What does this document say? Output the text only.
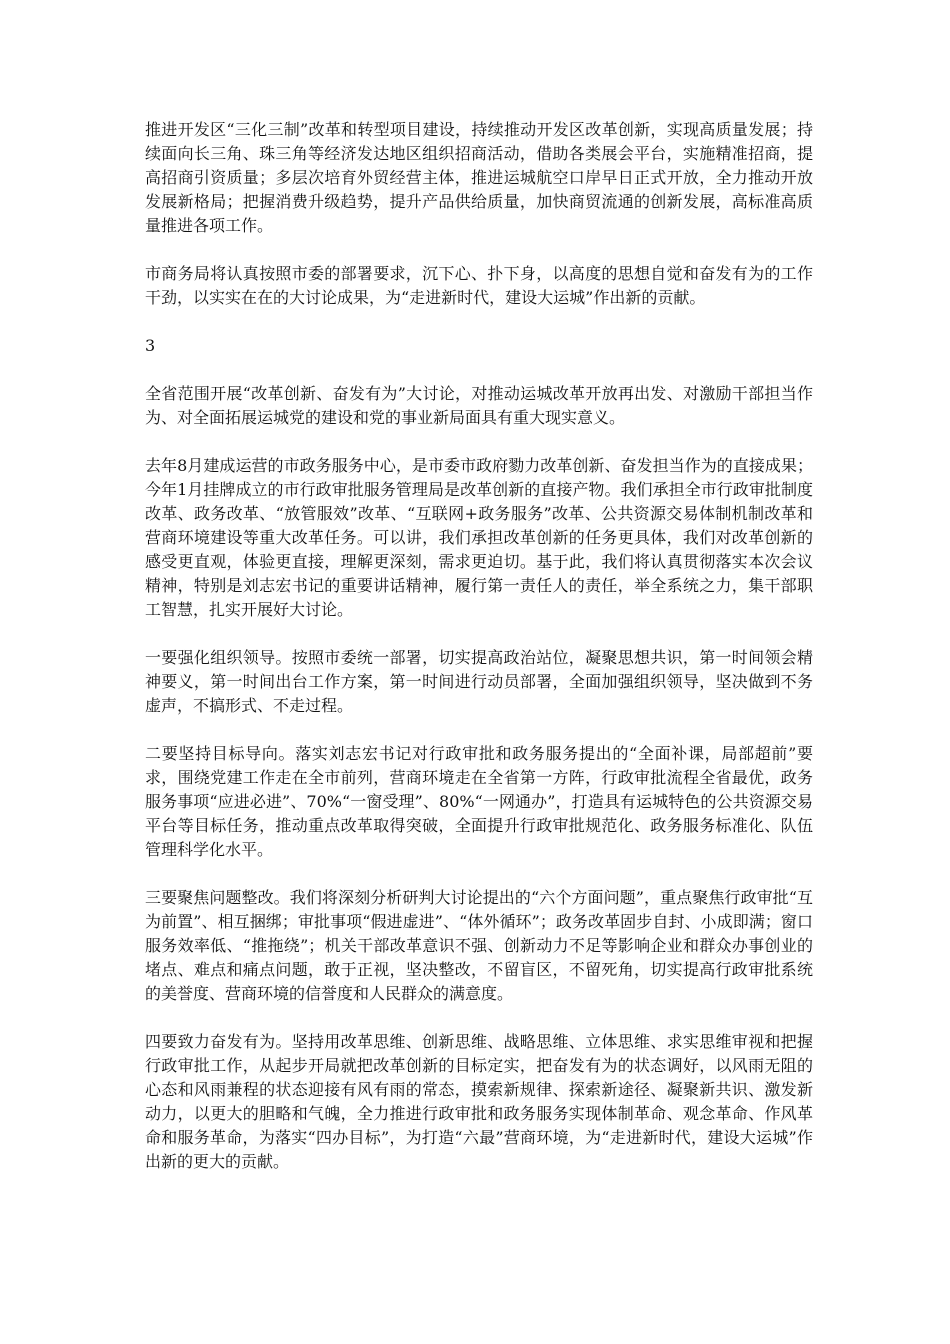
推进开发区“三化三制”改革和转型项目建设，持续推动开发区改革创新，实现高质量发展；持续面向长三角、珠三角等经济发达地区组织招商活动，借助各类展会平台，实施精准招商，提高招商引资质量；多层次培育外贸经营主体，推进运城航空口岸早日正式开放，全力推动开放发展新格局；把握消费升级趋势，提升产品供给质量，加快商贸流通的创新发展，高标准高质量推进各项工作。

市商务局将认真按照市委的部署要求，沉下心、扑下身，以高度的思想自觉和奋发有为的工作干劲，以实实在在的大讨论成果，为“走进新时代，建设大运城”作出新的贡献。

3

全省范围开展“改革创新、奋发有为”大讨论，对推动运城改革开放再出发、对激励干部担当作为、对全面拓展运城党的建设和党的事业新局面具有重大现实意义。

去年8月建成运营的市政务服务中心，是市委市政府勠力改革创新、奋发担当作为的直接成果；今年1月挂牌成立的市行政审批服务管理局是改革创新的直接产物。我们承担全市行政审批制度改革、政务改革、“放管服效”改革、“互联网+政务服务”改革、公共资源交易体制机制改革和营商环境建设等重大改革任务。可以讲，我们承担改革创新的任务更具体，我们对改革创新的感受更直观，体验更直接，理解更深刻，需求更迫切。基于此，我们将认真贯彻落实本次会议精神，特别是刘志宏书记的重要讲话精神，履行第一责任人的责任，举全系统之力，集干部职工智慧，扎实开展好大讨论。

一要强化组织领导。按照市委统一部署，切实提高政治站位，凝聚思想共识，第一时间领会精神要义，第一时间出台工作方案，第一时间进行动员部署，全面加强组织领导，坚决做到不务虚声，不搞形式、不走过程。

二要坚持目标导向。落实刘志宏书记对行政审批和政务服务提出的“全面补课，局部超前”要求，围绕党建工作走在全市前列，营商环境走在全省第一方阵，行政审批流程全省最优，政务服务事项“应进必进”、70%“一窗受理”、80%“一网通办”，打造具有运城特色的公共资源交易平台等目标任务，推动重点改革取得突破，全面提升行政审批规范化、政务服务标准化、队伍管理科学化水平。

三要聚焦问题整改。我们将深刻分析研判大讨论提出的“六个方面问题”，重点聚焦行政审批“互为前置”、相互捆绑；审批事项“假进虚进”、“体外循环”；政务改革固步自封、小成即满；窗口服务效率低、“推拖绕”；机关干部改革意识不强、创新动力不足等影响企业和群众办事创业的堵点、难点和痛点问题，敢于正视，坚决整改，不留盲区，不留死角，切实提高行政审批系统的美誉度、营商环境的信誉度和人民群众的满意度。

四要致力奋发有为。坚持用改革思维、创新思维、战略思维、立体思维、求实思维审视和把握行政审批工作，从起步开局就把改革创新的目标定实，把奋发有为的状态调好，以风雨无阻的心态和风雨兼程的状态迎接有风有雨的常态，摸索新规律、探索新途径、凝聚新共识、激发新动力，以更大的胆略和气魄，全力推进行政审批和政务服务实现体制革命、观念革命、作风革命和服务革命，为落实“四办目标”，为打造“六最”营商环境，为“走进新时代，建设大运城”作出新的更大的贡献。
